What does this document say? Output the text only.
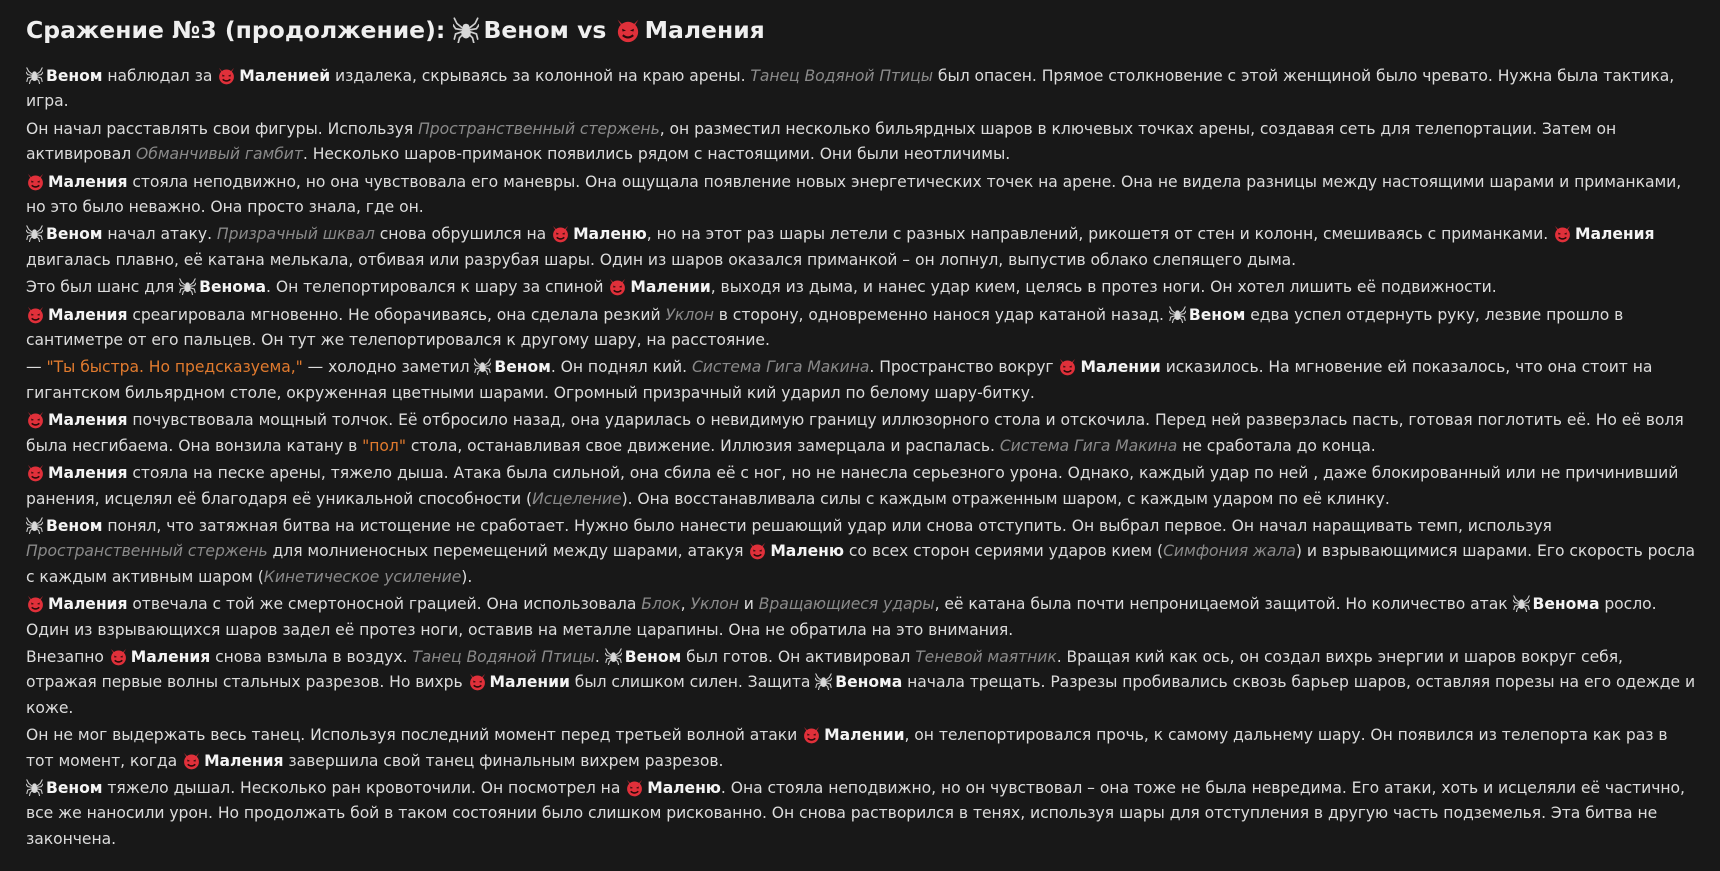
Сражение №3 (продолжение): Веном vs Маления

Веном наблюдал за Маленией издалека, скрываясь за колонной на краю арены. Танец Водяной Птицы был опасен. Прямое столкновение с этой женщиной было чревато. Нужна была тактика, игра.

Он начал расставлять свои фигуры. Используя Пространственный стержень, он разместил несколько бильярдных шаров в ключевых точках арены, создавая сеть для телепортации. Затем он активировал Обманчивый гамбит. Несколько шаров-приманок появились рядом с настоящими. Они были неотличимы.

Маления стояла неподвижно, но она чувствовала его маневры. Она ощущала появление новых энергетических точек на арене. Она не видела разницы между настоящими шарами и приманками, но это было неважно. Она просто знала, где он.

Веном начал атаку. Призрачный шквал снова обрушился на Маленю, но на этот раз шары летели с разных направлений, рикошетя от стен и колонн, смешиваясь с приманками. Маления двигалась плавно, её катана мелькала, отбивая или разрубая шары. Один из шаров оказался приманкой – он лопнул, выпустив облако слепящего дыма.

Это был шанс для Венома. Он телепортировался к шару за спиной Малении, выходя из дыма, и нанес удар кием, целясь в протез ноги. Он хотел лишить её подвижности.

Маления среагировала мгновенно. Не оборачиваясь, она сделала резкий Уклон в сторону, одновременно нанося удар катаной назад. Веном едва успел отдернуть руку, лезвие прошло в сантиметре от его пальцев. Он тут же телепортировался к другому шару, на расстояние.

— "Ты быстра. Но предсказуема," — холодно заметил Веном. Он поднял кий. Система Гига Макина. Пространство вокруг Малении исказилось. На мгновение ей показалось, что она стоит на гигантском бильярдном столе, окруженная цветными шарами. Огромный призрачный кий ударил по белому шару-битку.

Маления почувствовала мощный толчок. Её отбросило назад, она ударилась о невидимую границу иллюзорного стола и отскочила. Перед ней разверзлась пасть, готовая поглотить её. Но её воля была несгибаема. Она вонзила катану в "пол" стола, останавливая свое движение. Иллюзия замерцала и распалась. Система Гига Макина не сработала до конца.

Маления стояла на песке арены, тяжело дыша. Атака была сильной, она сбила её с ног, но не нанесла серьезного урона. Однако, каждый удар по ней , даже блокированный или не причинивший ранения, исцелял её благодаря её уникальной способности (Исцеление). Она восстанавливала силы с каждым отраженным шаром, с каждым ударом по её клинку.

Веном понял, что затяжная битва на истощение не сработает. Нужно было нанести решающий удар или снова отступить. Он выбрал первое. Он начал наращивать темп, используя Пространственный стержень для молниеносных перемещений между шарами, атакуя Маленю со всех сторон сериями ударов кием (Симфония жала) и взрывающимися шарами. Его скорость росла с каждым активным шаром (Кинетическое усиление).

Маления отвечала с той же смертоносной грацией. Она использовала Блок, Уклон и Вращающиеся удары, её катана была почти непроницаемой защитой. Но количество атак Венома росло. Один из взрывающихся шаров задел её протез ноги, оставив на металле царапины. Она не обратила на это внимания.

Внезапно Маления снова взмыла в воздух. Танец Водяной Птицы. Веном был готов. Он активировал Теневой маятник. Вращая кий как ось, он создал вихрь энергии и шаров вокруг себя, отражая первые волны стальных разрезов. Но вихрь Малении был слишком силен. Защита Венома начала трещать. Разрезы пробивались сквозь барьер шаров, оставляя порезы на его одежде и коже.

Он не мог выдержать весь танец. Используя последний момент перед третьей волной атаки Малении, он телепортировался прочь, к самому дальнему шару. Он появился из телепорта как раз в тот момент, когда Маления завершила свой танец финальным вихрем разрезов.

Веном тяжело дышал. Несколько ран кровоточили. Он посмотрел на Маленю. Она стояла неподвижно, но он чувствовал – она тоже не была невредима. Его атаки, хоть и исцеляли её частично, все же наносили урон. Но продолжать бой в таком состоянии было слишком рискованно. Он снова растворился в тенях, используя шары для отступления в другую часть подземелья. Эта битва не закончена.
